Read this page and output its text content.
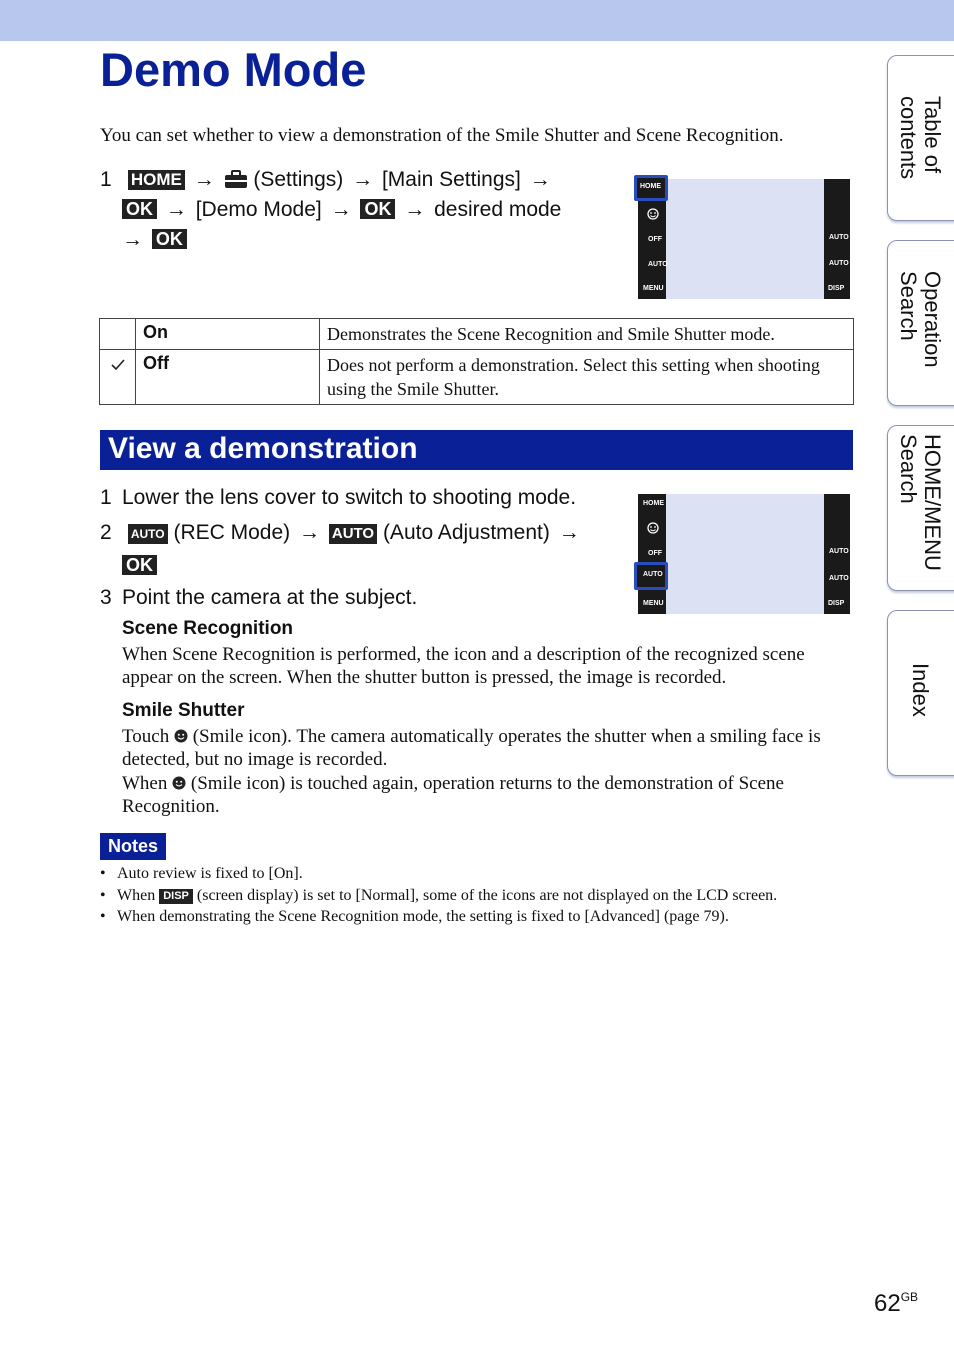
Demo Mode
You can set whether to view a demonstration of the Smile Shutter and Scene Recognition.
1 HOME → (Settings) → [Main Settings] →
OK → [Demo Mode] → OK → desired mode
→ OK
HOME
OFF
AUTO
MENU
AUTO
AUTO
DISP
	On	Demonstrates the Scene Recognition and Smile Shutter mode.
	Off	Does not perform a demonstration. Select this setting when shooting using the Smile Shutter.
View a demonstration
1 Lower the lens cover to switch to shooting mode.
2 AUTO (REC Mode) → AUTO (Auto Adjustment) →
OK
3 Point the camera at the subject.
HOME
OFF
AUTO
MENU
AUTO
AUTO
DISP
Scene Recognition
When Scene Recognition is performed, the icon and a description of the recognized scene appear on the screen. When the shutter button is pressed, the image is recorded.
Smile Shutter
Touch (Smile icon). The camera automatically operates the shutter when a smiling face is detected, but no image is recorded.
When (Smile icon) is touched again, operation returns to the demonstration of Scene Recognition.
Notes
• Auto review is fixed to [On].
• When DISP (screen display) is set to [Normal], some of the icons are not displayed on the LCD screen.
• When demonstrating the Scene Recognition mode, the setting is fixed to [Advanced] (page 79).
Table of contents
Operation Search
HOME/MENU Search
Index
$62^{GB}$
